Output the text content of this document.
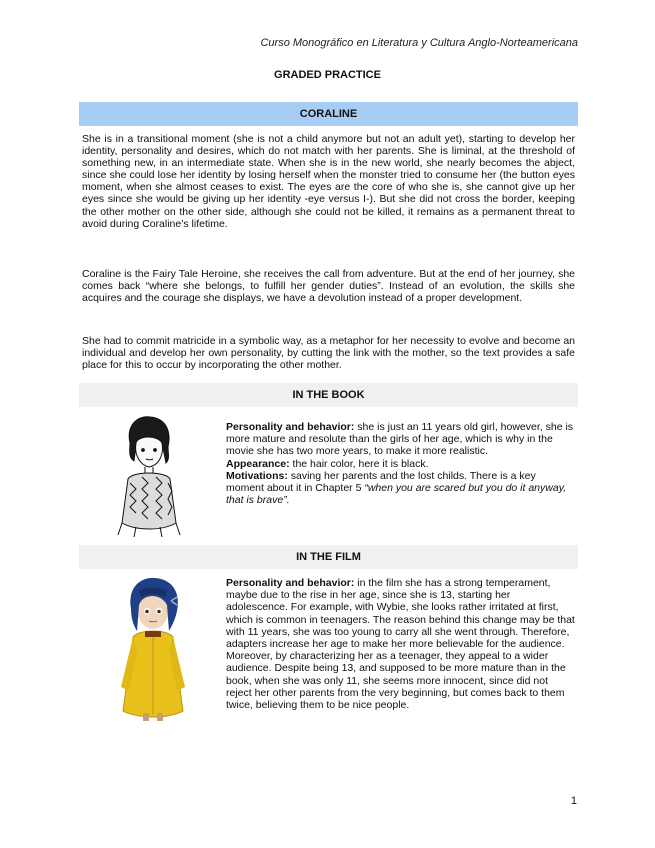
Curso Monográfico en Literatura y Cultura Anglo-Norteamericana
GRADED PRACTICE
CORALINE

She is in a transitional moment (she is not a child anymore but not an adult yet), starting to develop her identity, personality and desires, which do not match with her parents. She is liminal, at the threshold of something new, in an intermediate state. When she is in the new world, she nearly becomes the abject, since she could lose her identity by losing herself when the monster tried to consume her (the button eyes moment, when she almost ceases to exist. The eyes are the core of who she is, she cannot give up her eyes since she would be giving up her identity -eye versus I-). But she did not cross the border, keeping the other mother on the other side, although she could not be killed, it remains as a permanent threat to avoid during Coraline’s lifetime.

Coraline is the Fairy Tale Heroine, she receives the call from adventure. But at the end of her journey, she comes back “where she belongs, to fulfill her gender duties”. Instead of an evolution, the skills she acquires and the courage she displays, we have a devolution instead of a proper development.

She had to commit matricide in a symbolic way, as a metaphor for her necessity to evolve and become an individual and develop her own personality, by cutting the link with the mother, so the text provides a safe place for this to occur by incorporating the other mother.

IN THE BOOK

Personality and behavior: she is just an 11 years old girl, however, she is more mature and resolute than the girls of her age, which is why in the movie she has two more years, to make it more realistic.
Appearance: the hair color, here it is black.
Motivations: saving her parents and the lost childs. There is a key moment about it in Chapter 5 “when you are scared but you do it anyway, that is brave”.

IN THE FILM

Personality and behavior: in the film she has a strong temperament, maybe due to the rise in her age, since she is 13, starting her adolescence. For example, with Wybie, she looks rather irritated at first, which is common in teenagers. The reason behind this change may be that with 11 years, she was too young to carry all she went through. Therefore, adapters increase her age to make her more believable for the audience. Moreover, by characterizing her as a teenager, they appeal to a wider audience. Despite being 13, and supposed to be more mature than in the book, when she was only 11, she seems more innocent, since did not reject her other parents from the very beginning, but comes back to them twice, believing them to be nice people.

1
